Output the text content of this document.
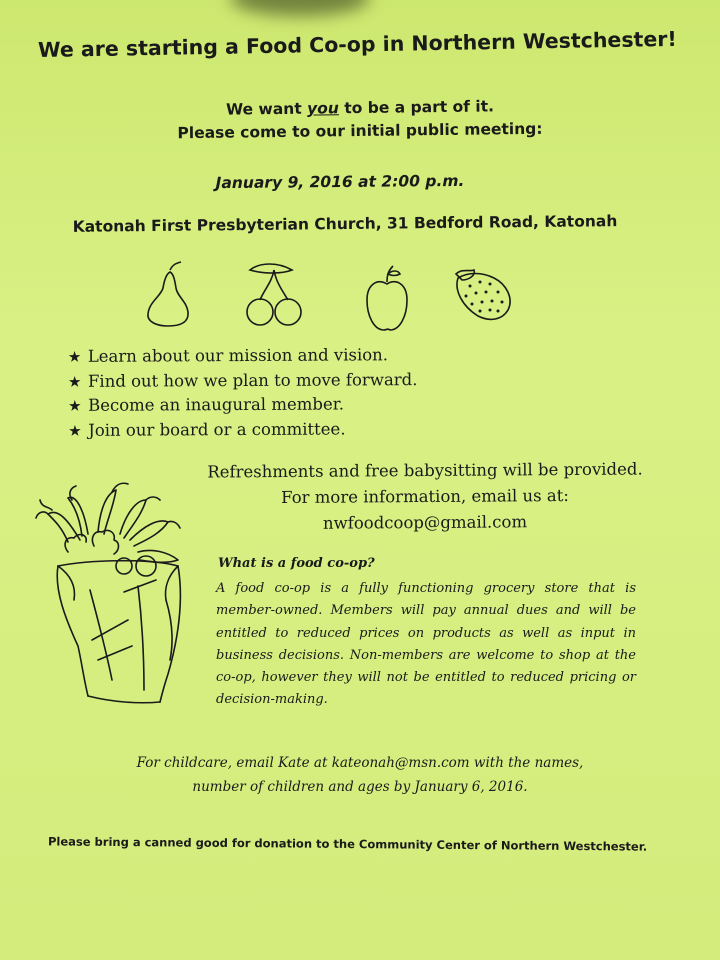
We are starting a Food Co-op in Northern Westchester!
We want you to be a part of it.
Please come to our initial public meeting:
January 9, 2016 at 2:00 p.m.
Katonah First Presbyterian Church, 31 Bedford Road, Katonah
★ Learn about our mission and vision.
★ Find out how we plan to move forward.
★ Become an inaugural member.
★ Join our board or a committee.
Refreshments and free babysitting will be provided.
For more information, email us at:
nwfoodcoop@gmail.com
What is a food co-op?
A food co-op is a fully functioning grocery store that is
member-owned. Members will pay annual dues and will be
entitled to reduced prices on products as well as input in
business decisions. Non-members are welcome to shop at the
co-op, however they will not be entitled to reduced pricing or
decision-making.
For childcare, email Kate at kateonah@msn.com with the names,
number of children and ages by January 6, 2016.
Please bring a canned good for donation to the Community Center of Northern Westchester.
